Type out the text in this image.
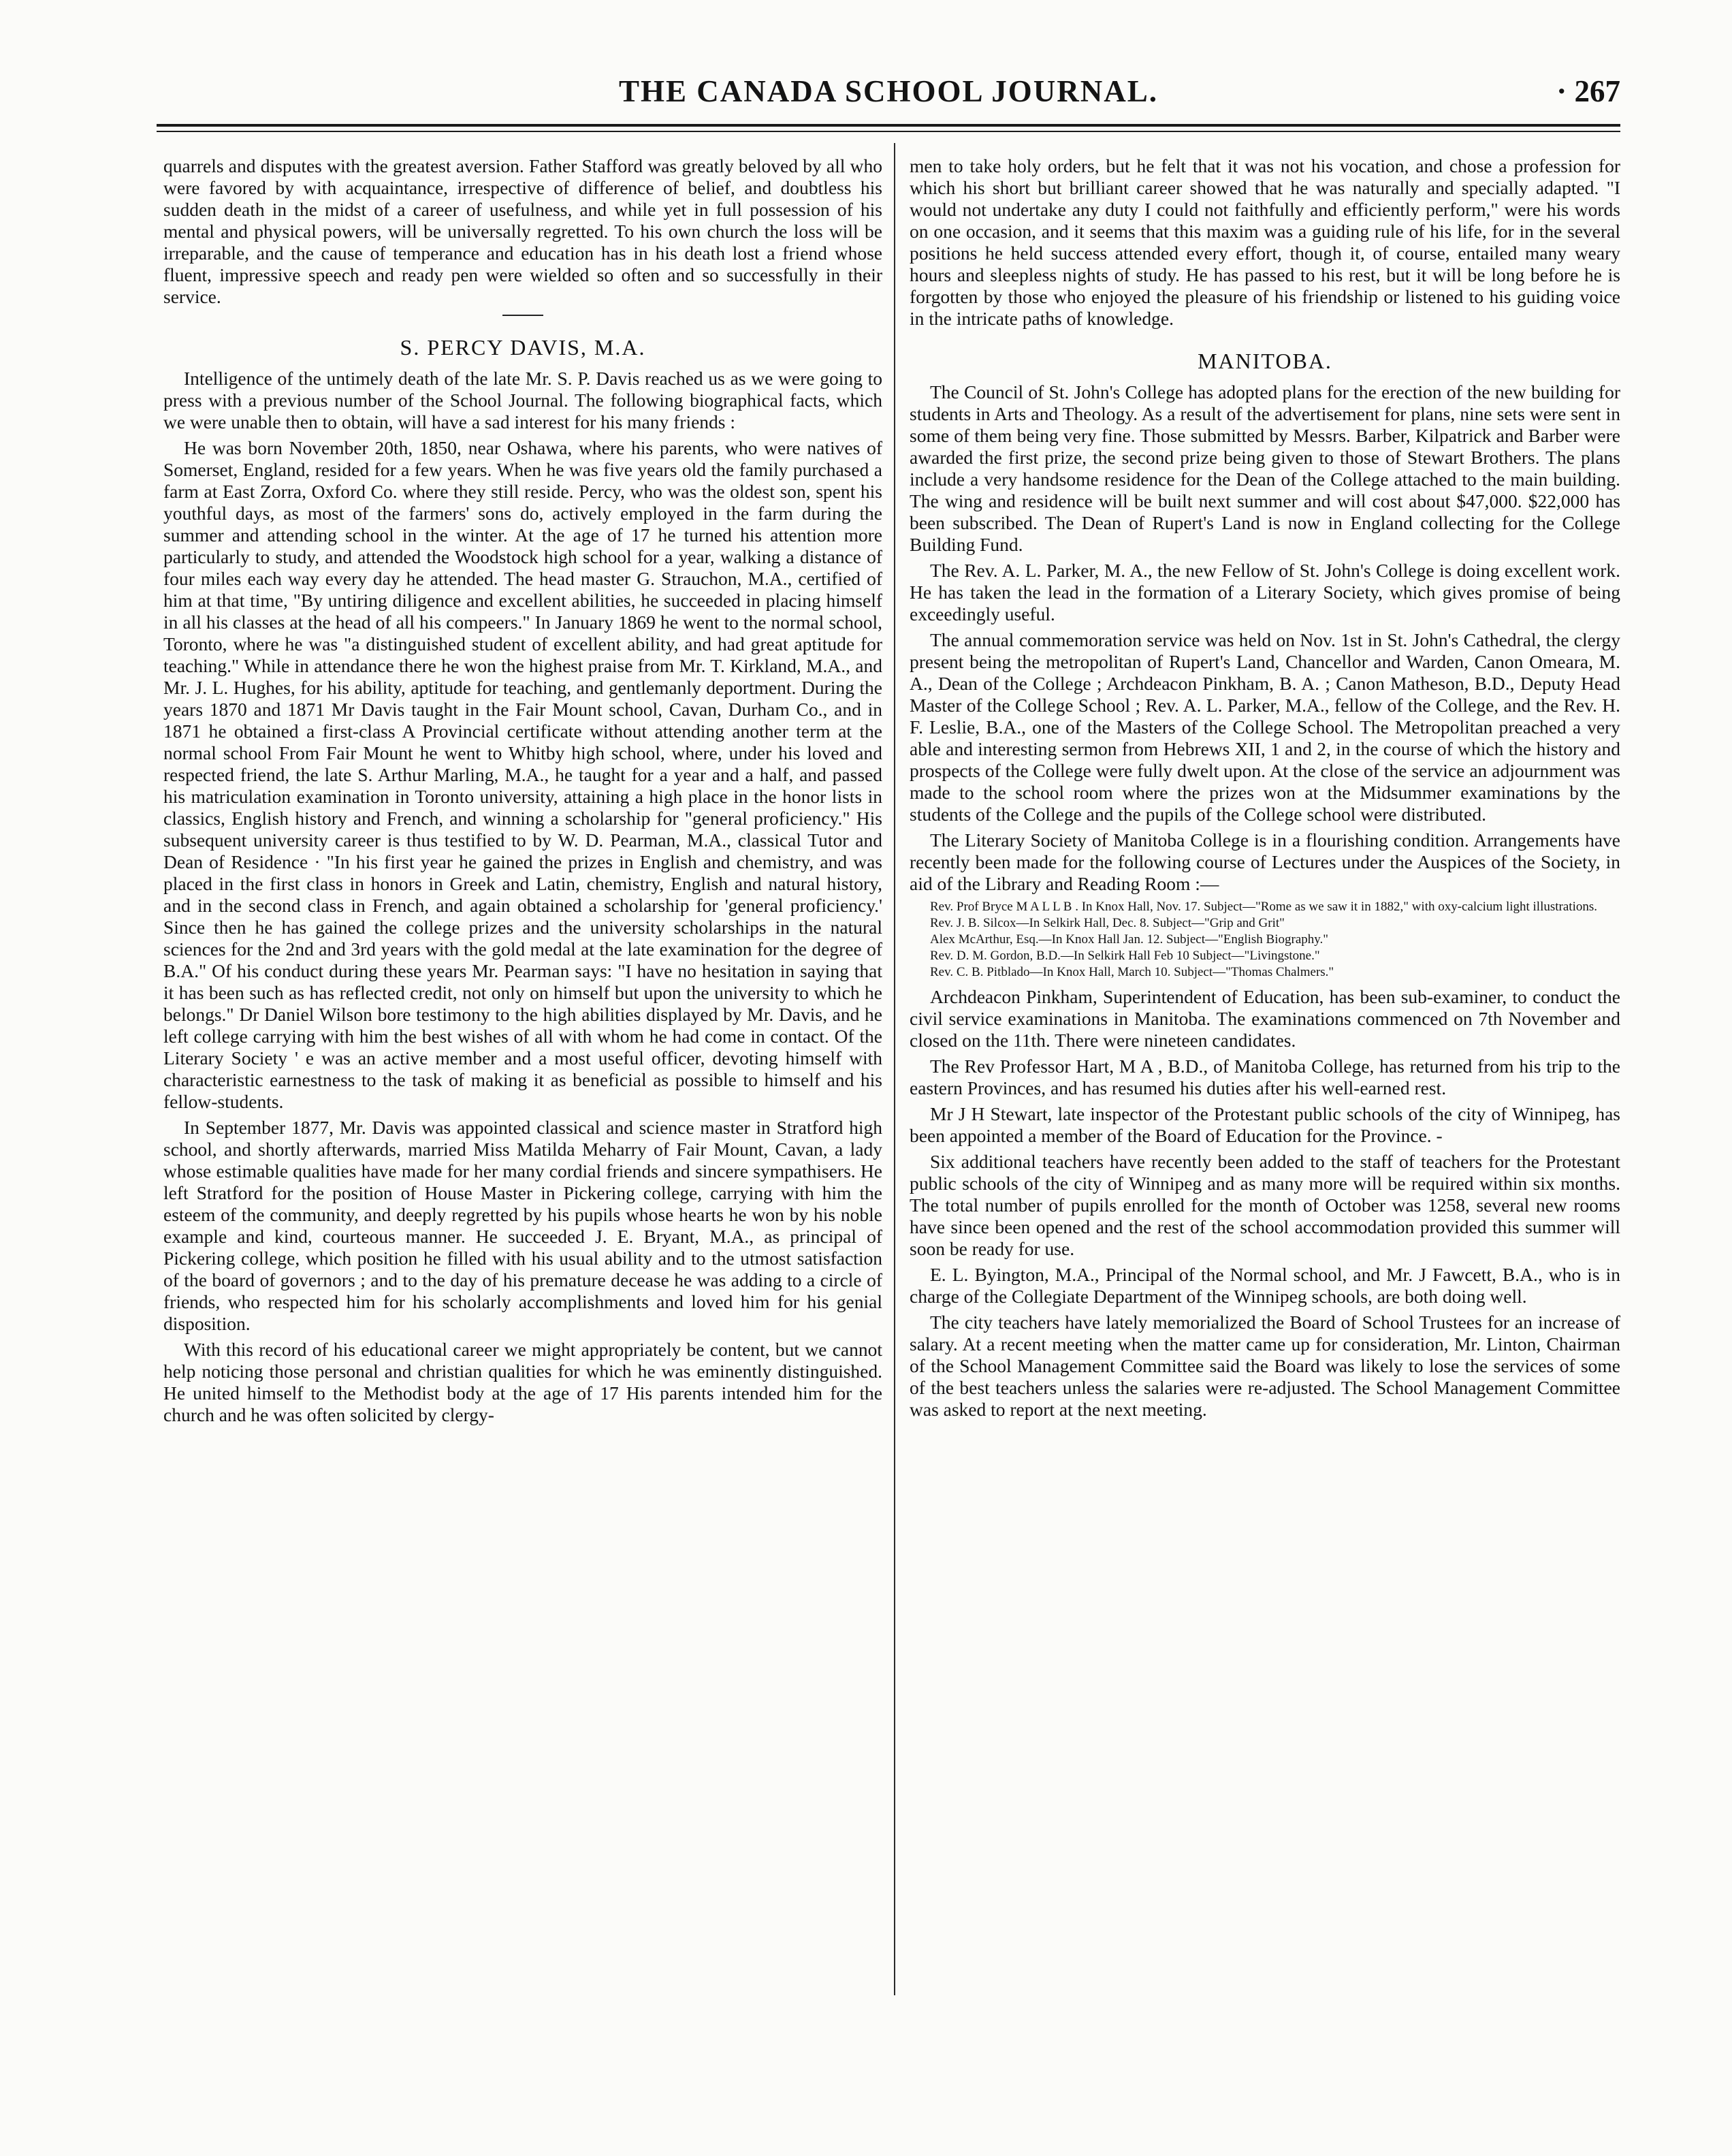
THE CANADA SCHOOL JOURNAL.	· 267

quarrels and disputes with the greatest aversion. Father Stafford was greatly beloved by all who were favored by with acquaintance, irrespective of difference of belief, and doubtless his sudden death in the midst of a career of usefulness, and while yet in full possession of his mental and physical powers, will be universally regretted. To his own church the loss will be irreparable, and the cause of temperance and education has in his death lost a friend whose fluent, impressive speech and ready pen were wielded so often and so successfully in their service.

S. PERCY DAVIS, M.A.

Intelligence of the untimely death of the late Mr. S. P. Davis reached us as we were going to press with a previous number of the School Journal. The following biographical facts, which we were unable then to obtain, will have a sad interest for his many friends :

He was born November 20th, 1850, near Oshawa, where his parents, who were natives of Somerset, England, resided for a few years. When he was five years old the family purchased a farm at East Zorra, Oxford Co. where they still reside. Percy, who was the oldest son, spent his youthful days, as most of the farmers' sons do, actively employed in the farm during the summer and attending school in the winter. At the age of 17 he turned his attention more particularly to study, and attended the Woodstock high school for a year, walking a distance of four miles each way every day he attended. The head master G. Strauchon, M.A., certified of him at that time, "By untiring diligence and excellent abilities, he succeeded in placing himself in all his classes at the head of all his compeers." In January 1869 he went to the normal school, Toronto, where he was "a distinguished student of excellent ability, and had great aptitude for teaching." While in attendance there he won the highest praise from Mr. T. Kirkland, M.A., and Mr. J. L. Hughes, for his ability, aptitude for teaching, and gentlemanly deportment. During the years 1870 and 1871 Mr Davis taught in the Fair Mount school, Cavan, Durham Co., and in 1871 he obtained a first-class A Provincial certificate without attending another term at the normal school From Fair Mount he went to Whitby high school, where, under his loved and respected friend, the late S. Arthur Marling, M.A., he taught for a year and a half, and passed his matriculation examination in Toronto university, attaining a high place in the honor lists in classics, English history and French, and winning a scholarship for "general proficiency." His subsequent university career is thus testified to by W. D. Pearman, M.A., classical Tutor and Dean of Residence · "In his first year he gained the prizes in English and chemistry, and was placed in the first class in honors in Greek and Latin, chemistry, English and natural history, and in the second class in French, and again obtained a scholarship for 'general proficiency.' Since then he has gained the college prizes and the university scholarships in the natural sciences for the 2nd and 3rd years with the gold medal at the late examination for the degree of B.A." Of his conduct during these years Mr. Pearman says: "I have no hesitation in saying that it has been such as has reflected credit, not only on himself but upon the university to which he belongs." Dr Daniel Wilson bore testimony to the high abilities displayed by Mr. Davis, and he left college carrying with him the best wishes of all with whom he had come in contact. Of the Literary Society ' e was an active member and a most useful officer, devoting himself with characteristic earnestness to the task of making it as beneficial as possible to himself and his fellow-students.

In September 1877, Mr. Davis was appointed classical and science master in Stratford high school, and shortly afterwards, married Miss Matilda Meharry of Fair Mount, Cavan, a lady whose estimable qualities have made for her many cordial friends and sincere sympathisers. He left Stratford for the position of House Master in Pickering college, carrying with him the esteem of the community, and deeply regretted by his pupils whose hearts he won by his noble example and kind, courteous manner. He succeeded J. E. Bryant, M.A., as principal of Pickering college, which position he filled with his usual ability and to the utmost satisfaction of the board of governors ; and to the day of his premature decease he was adding to a circle of friends, who respected him for his scholarly accomplishments and loved him for his genial disposition.

With this record of his educational career we might appropriately be content, but we cannot help noticing those personal and christian qualities for which he was eminently distinguished. He united himself to the Methodist body at the age of 17 His parents intended him for the church and he was often solicited by clergy-

men to take holy orders, but he felt that it was not his vocation, and chose a profession for which his short but brilliant career showed that he was naturally and specially adapted. "I would not undertake any duty I could not faithfully and efficiently perform," were his words on one occasion, and it seems that this maxim was a guiding rule of his life, for in the several positions he held success attended every effort, though it, of course, entailed many weary hours and sleepless nights of study. He has passed to his rest, but it will be long before he is forgotten by those who enjoyed the pleasure of his friendship or listened to his guiding voice in the intricate paths of knowledge.

MANITOBA.

The Council of St. John's College has adopted plans for the erection of the new building for students in Arts and Theology. As a result of the advertisement for plans, nine sets were sent in some of them being very fine. Those submitted by Messrs. Barber, Kilpatrick and Barber were awarded the first prize, the second prize being given to those of Stewart Brothers. The plans include a very handsome residence for the Dean of the College attached to the main building. The wing and residence will be built next summer and will cost about $47,000. $22,000 has been subscribed. The Dean of Rupert's Land is now in England collecting for the College Building Fund.

The Rev. A. L. Parker, M. A., the new Fellow of St. John's College is doing excellent work. He has taken the lead in the formation of a Literary Society, which gives promise of being exceedingly useful.

The annual commemoration service was held on Nov. 1st in St. John's Cathedral, the clergy present being the metropolitan of Rupert's Land, Chancellor and Warden, Canon Omeara, M. A., Dean of the College ; Archdeacon Pinkham, B. A. ; Canon Matheson, B.D., Deputy Head Master of the College School ; Rev. A. L. Parker, M.A., fellow of the College, and the Rev. H. F. Leslie, B.A., one of the Masters of the College School. The Metropolitan preached a very able and interesting sermon from Hebrews XII, 1 and 2, in the course of which the history and prospects of the College were fully dwelt upon. At the close of the service an adjournment was made to the school room where the prizes won at the Midsummer examinations by the students of the College and the pupils of the College school were distributed.

The Literary Society of Manitoba College is in a flourishing condition. Arrangements have recently been made for the following course of Lectures under the Auspices of the Society, in aid of the Library and Reading Room :—

Rev. Prof Bryce M A L L B . In Knox Hall, Nov. 17. Subject—"Rome as we saw it in 1882," with oxy-calcium light illustrations.
Rev. J. B. Silcox—In Selkirk Hall, Dec. 8. Subject—"Grip and Grit"
Alex McArthur, Esq.—In Knox Hall Jan. 12. Subject—"English Biography."
Rev. D. M. Gordon, B.D.—In Selkirk Hall Feb 10 Subject—"Livingstone."
Rev. C. B. Pitblado—In Knox Hall, March 10. Subject—"Thomas Chalmers."

Archdeacon Pinkham, Superintendent of Education, has been sub-examiner, to conduct the civil service examinations in Manitoba. The examinations commenced on 7th November and closed on the 11th. There were nineteen candidates.

The Rev Professor Hart, M A , B.D., of Manitoba College, has returned from his trip to the eastern Provinces, and has resumed his duties after his well-earned rest.

Mr J H Stewart, late inspector of the Protestant public schools of the city of Winnipeg, has been appointed a member of the Board of Education for the Province. -

Six additional teachers have recently been added to the staff of teachers for the Protestant public schools of the city of Winnipeg and as many more will be required within six months. The total number of pupils enrolled for the month of October was 1258, several new rooms have since been opened and the rest of the school accommodation provided this summer will soon be ready for use.

E. L. Byington, M.A., Principal of the Normal school, and Mr. J Fawcett, B.A., who is in charge of the Collegiate Department of the Winnipeg schools, are both doing well.

The city teachers have lately memorialized the Board of School Trustees for an increase of salary. At a recent meeting when the matter came up for consideration, Mr. Linton, Chairman of the School Management Committee said the Board was likely to lose the services of some of the best teachers unless the salaries were re-adjusted. The School Management Committee was asked to report at the next meeting.
